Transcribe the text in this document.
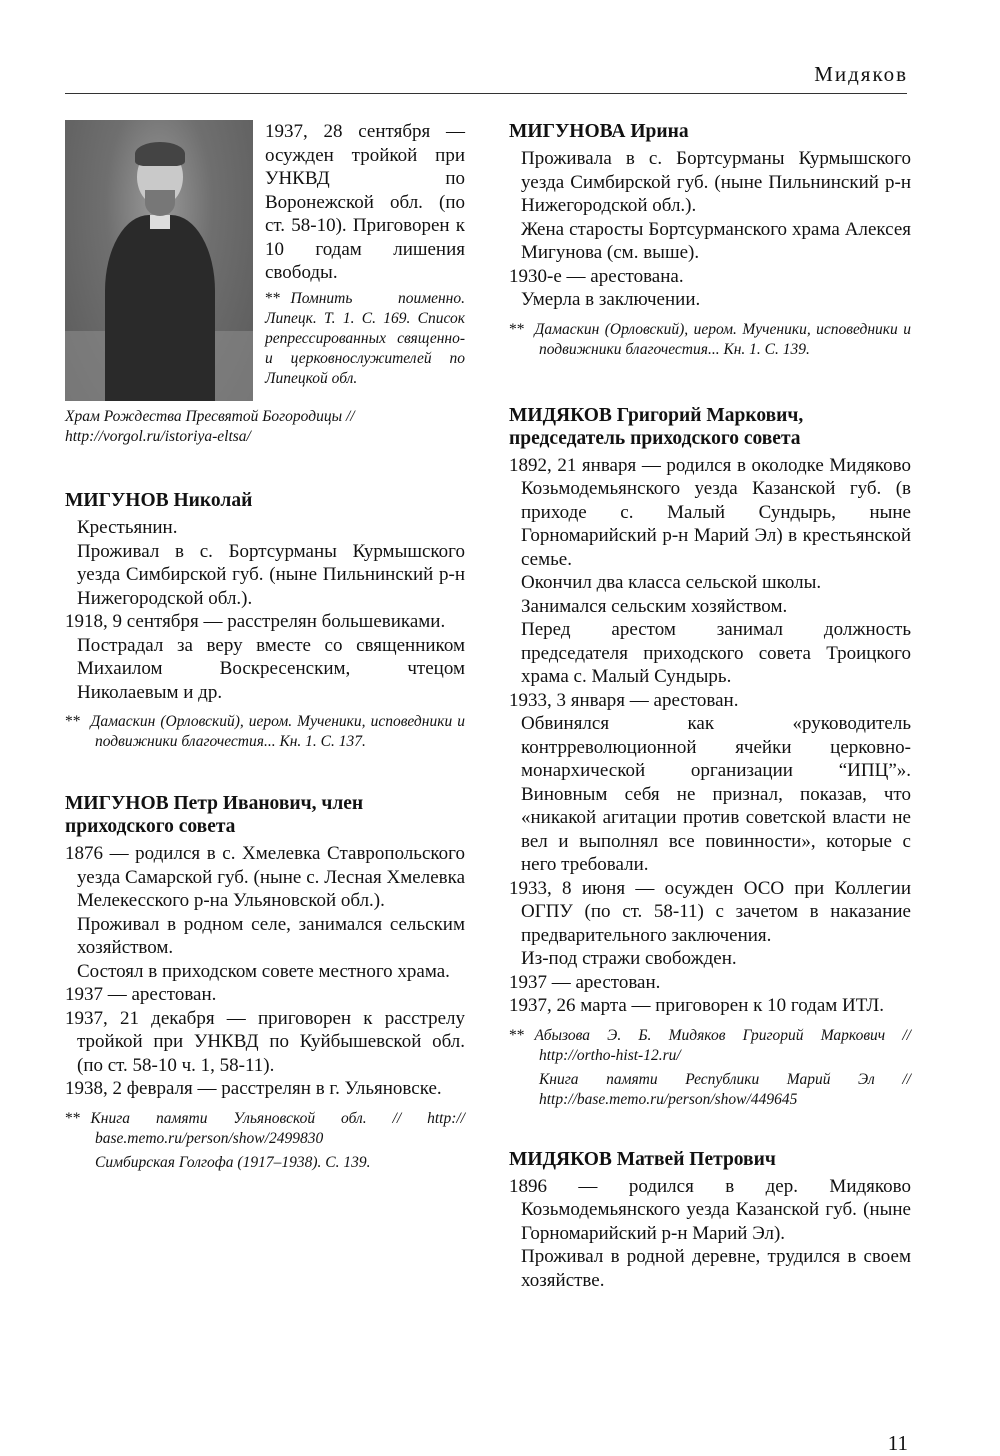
Мидяков

1937, 28 сентября — осужден тройкой при УНКВД по Воронежской обл. (по ст. 58-10). Приговорен к 10 годам лишения свободы.

** Помнить поименно. Липецк. Т. 1. С. 169. Список репрессированных священно- и церковнослужителей по Липецкой обл.

Храм Рождества Пресвятой Богородицы // http://vorgol.ru/istoriya-eltsa/

МИГУНОВ Николай

Крестьянин.

Проживал в с. Бортсурманы Курмышского уезда Симбирской губ. (ныне Пильнинский р-н Нижегородской обл.).

1918, 9 сентября — расстрелян большевиками.

Пострадал за веру вместе со священником Михаилом Воскресенским, чтецом Николаевым и др.

** Дамаскин (Орловский), иером. Мученики, исповедники и подвижники благочестия... Кн. 1. С. 137.

МИГУНОВ Петр Иванович, член приходского совета

1876 — родился в с. Хмелевка Ставропольского уезда Самарской губ. (ныне с. Лесная Хмелевка Мелекесского р-на Ульяновской обл.).

Проживал в родном селе, занимался сельским хозяйством.

Состоял в приходском совете местного храма.

1937 — арестован.

1937, 21 декабря — приговорен к расстрелу тройкой при УНКВД по Куйбышевской обл. (по ст. 58-10 ч. 1, 58-11).

1938, 2 февраля — расстрелян в г. Ульяновске.

** Книга памяти Ульяновской обл. // http:// base.memo.ru/person/show/2499830

Симбирская Голгофа (1917–1938). С. 139.

МИГУНОВА Ирина

Проживала в с. Бортсурманы Курмышского уезда Симбирской губ. (ныне Пильнинский р-н Нижегородской обл.).

Жена старосты Бортсурманского храма Алексея Мигунова (см. выше).

1930-е — арестована.

Умерла в заключении.

** Дамаскин (Орловский), иером. Мученики, исповедники и подвижники благочестия... Кн. 1. С. 139.

МИДЯКОВ Григорий Маркович, председатель приходского совета

1892, 21 января — родился в околодке Мидяково Козьмодемьянского уезда Казанской губ. (в приходе с. Малый Сундырь, ныне Горномарийский р-н Марий Эл) в крестьянской семье.

Окончил два класса сельской школы.

Занимался сельским хозяйством.

Перед арестом занимал должность председателя приходского совета Троицкого храма с. Малый Сундырь.

1933, 3 января — арестован.

Обвинялся как «руководитель контрреволюционной ячейки церковно-монархической организации “ИПЦ”». Виновным себя не признал, показав, что «никакой агитации против советской власти не вел и выполнял все повинности», которые с него требовали.

1933, 8 июня — осужден ОСО при Коллегии ОГПУ (по ст. 58-11) с зачетом в наказание предварительного заключения.

Из-под стражи свобожден.

1937 — арестован.

1937, 26 марта — приговорен к 10 годам ИТЛ.

** Абызова Э. Б. Мидяков Григорий Маркович // http://ortho-hist-12.ru/

Книга памяти Республики Марий Эл // http://base.memo.ru/person/show/449645

МИДЯКОВ Матвей Петрович

1896 — родился в дер. Мидяково Козьмодемьянского уезда Казанской губ. (ныне Горномарийский р-н Марий Эл).

Проживал в родной деревне, трудился в своем хозяйстве.

11
